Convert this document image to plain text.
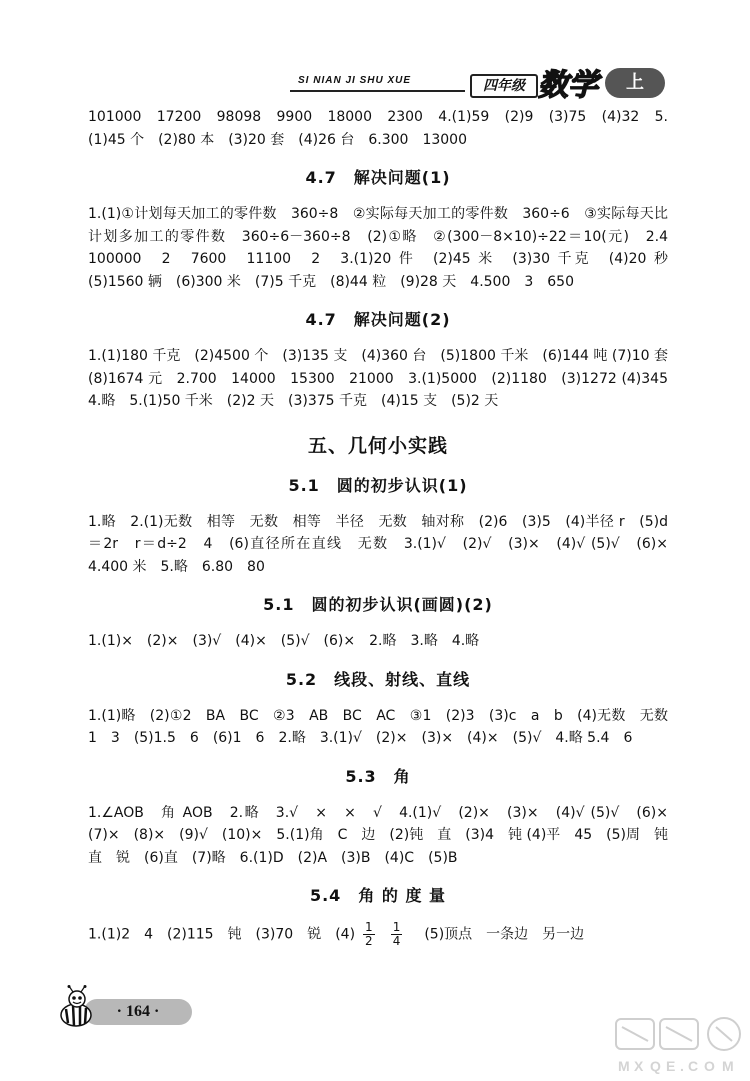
SI NIAN JI SHU XUE	四年级 数学	上

101000　17200　98098　9900　18000　2300　4.(1)59　(2)9　(3)75　(4)32　5.(1)45 个　(2)80 本　(3)20 套　(4)26 台　6.300　13000

4.7　解决问题(1)

1.(1)①计划每天加工的零件数　360÷8　②实际每天加工的零件数　360÷6　③实际每天比计划多加工的零件数　360÷6－360÷8　(2)①略　②(300－8×10)÷22＝10(元)　2.4　100000　2　7600　11100　2　3.(1)20 件　(2)45 米　(3)30 千克　(4)20 秒　(5)1560 辆　(6)300 米　(7)5 千克　(8)44 粒　(9)28 天　4.500　3　650

4.7　解决问题(2)

1.(1)180 千克　(2)4500 个　(3)135 支　(4)360 台　(5)1800 千米　(6)144 吨 (7)10 套　(8)1674 元　2.700　14000　15300　21000　3.(1)5000　(2)1180　(3)1272 (4)345　4.略　5.(1)50 千米　(2)2 天　(3)375 千克　(4)15 支　(5)2 天

五、几何小实践
5.1　圆的初步认识(1)

1.略　2.(1)无数　相等　无数　相等　半径　无数　轴对称　(2)6　(3)5　(4)半径 r　(5)d＝2r　r＝d÷2　4　(6)直径所在直线　无数　3.(1)√　(2)√　(3)×　(4)√ (5)√　(6)×　4.400 米　5.略　6.80　80

5.1　圆的初步认识(画圆)(2)

1.(1)×　(2)×　(3)√　(4)×　(5)√　(6)×　2.略　3.略　4.略

5.2　线段、射线、直线

1.(1)略　(2)①2　BA　BC　②3　AB　BC　AC　③1　(2)3　(3)c　a　b　(4)无数　无数　1　3　(5)1.5　6　(6)1　6　2.略　3.(1)√　(2)×　(3)×　(4)×　(5)√　4.略 5.4　6

5.3　角

1.∠AOB　角 AOB　2.略　3.√　×　×　√　4.(1)√　(2)×　(3)×　(4)√ (5)√　(6)×　(7)×　(8)×　(9)√　(10)×　5.(1)角　C　边　(2)钝　直　(3)4　钝 (4)平　45　(5)周　钝　直　锐　(6)直　(7)略　6.(1)D　(2)A　(3)B　(4)C　(5)B

5.4　角 的 度 量

1.(1)2　4　(2)115　钝　(3)70　锐　$(4) \frac{1}{2} \frac{1}{4}$ 　(5)顶点　一条边　另一边

· 164 ·
M X Q E . C O M
